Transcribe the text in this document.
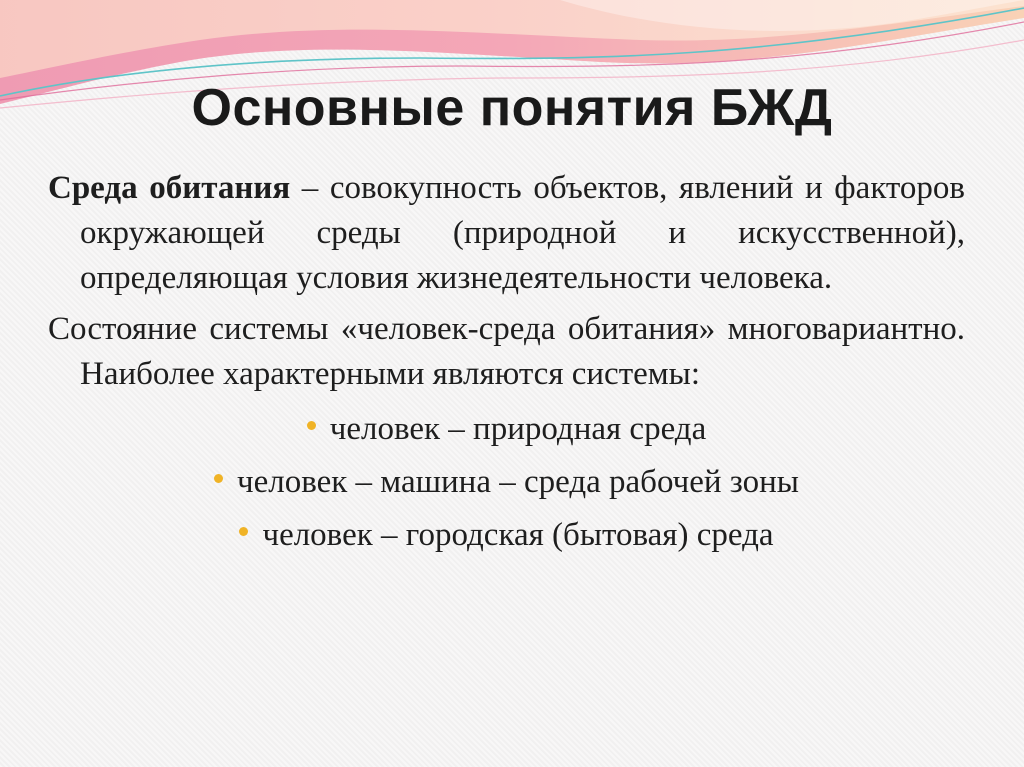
Основные понятия БЖД

Среда обитания – совокупность объектов, явлений и факторов окружающей среды (природной и искусственной), определяющая условия жизнедеятельности человека.

Состояние системы «человек-среда обитания» многовариантно. Наиболее характерными являются системы:

человек – природная среда
человек – машина – среда рабочей зоны
человек – городская (бытовая) среда
